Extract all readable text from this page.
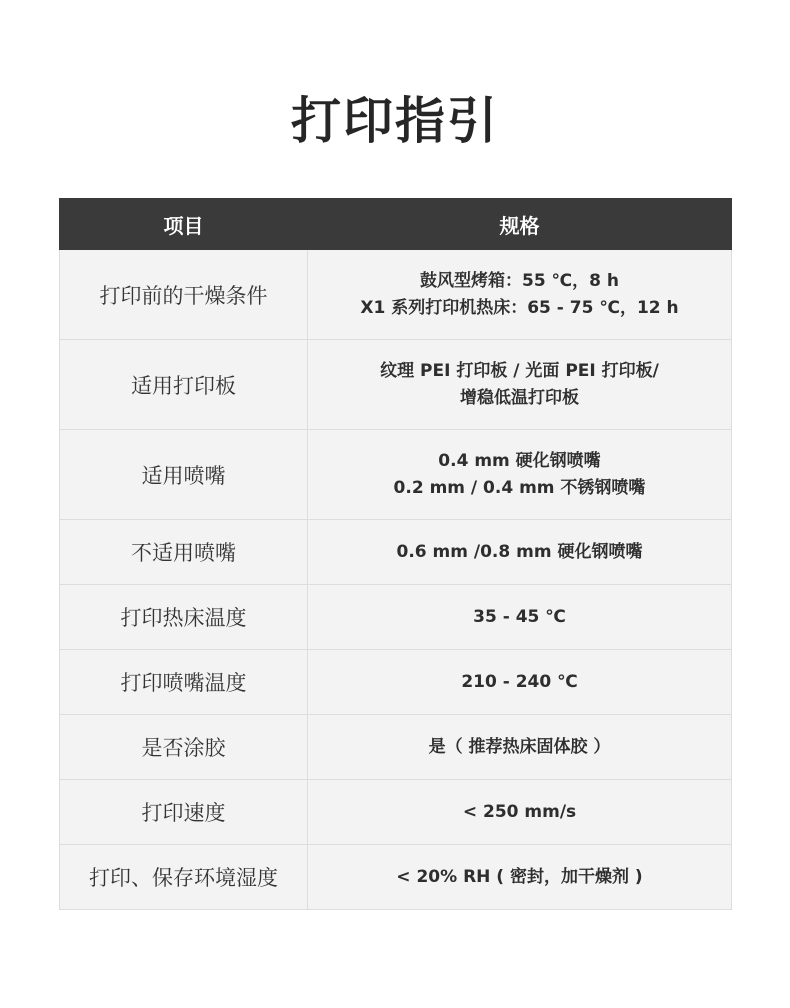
打印指引
项目	规格
打印前的干燥条件	鼓风型烤箱：55 ℃，8 h
X1 系列打印机热床：65 - 75 ℃，12 h

适用打印板	纹理 PEI 打印板 / 光面 PEI 打印板/
增稳低温打印板

适用喷嘴	0.4 mm 硬化钢喷嘴
0.2 mm / 0.4 mm 不锈钢喷嘴

不适用喷嘴	0.6 mm /0.8 mm 硬化钢喷嘴

打印热床温度	35 - 45 ℃

打印喷嘴温度	210 - 240 ℃

是否涂胶	是（ 推荐热床固体胶 ）

打印速度	< 250 mm/s

打印、保存环境湿度	< 20% RH ( 密封，加干燥剂 )
